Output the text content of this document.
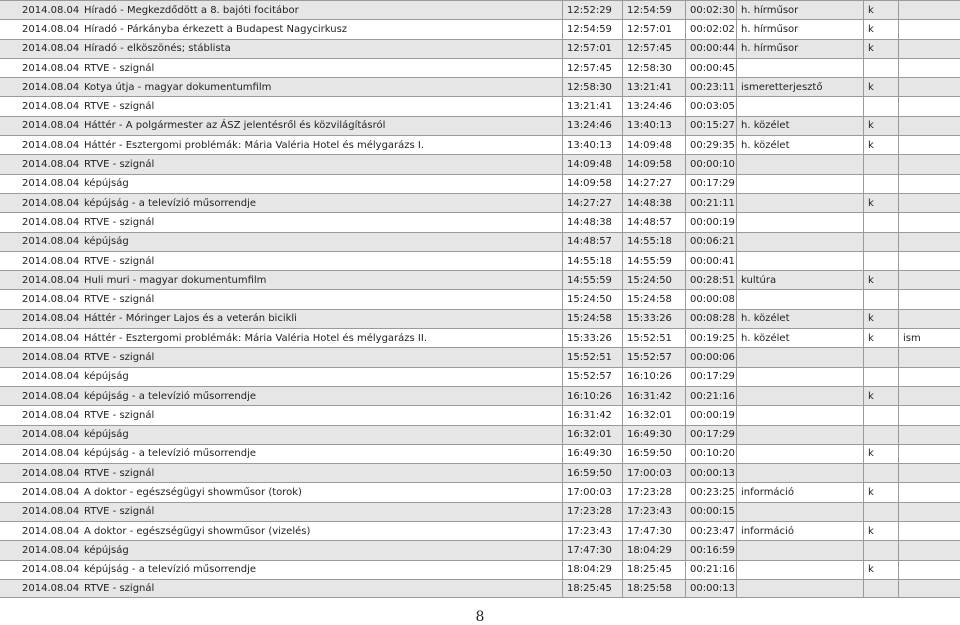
2014.08.04 Híradó - Megkezdődött a 8. bajóti focitábor	12:52:29	12:54:59	00:02:30 h. hírműsor	k
2014.08.04 Híradó - Párkányba érkezett a Budapest Nagycirkusz	12:54:59	12:57:01	00:02:02 h. hírműsor	k
2014.08.04 Híradó - elköszönés; stáblista	12:57:01	12:57:45	00:00:44 h. hírműsor	k
2014.08.04 RTVE - szignál	12:57:45	12:58:30	00:00:45
2014.08.04 Kotya útja - magyar dokumentumfilm	12:58:30	13:21:41	00:23:11 ismeretterjesztő	k
2014.08.04 RTVE - szignál	13:21:41	13:24:46	00:03:05
2014.08.04 Háttér - A polgármester az ÁSZ jelentésről és közvilágításról	13:24:46	13:40:13	00:15:27 h. közélet	k
2014.08.04 Háttér - Esztergomi problémák: Mária Valéria Hotel és mélygarázs I.	13:40:13	14:09:48	00:29:35 h. közélet	k
2014.08.04 RTVE - szignál	14:09:48	14:09:58	00:00:10
2014.08.04 képújság	14:09:58	14:27:27	00:17:29
2014.08.04 képújság - a televízió műsorrendje	14:27:27	14:48:38	00:21:11	k
2014.08.04 RTVE - szignál	14:48:38	14:48:57	00:00:19
2014.08.04 képújság	14:48:57	14:55:18	00:06:21
2014.08.04 RTVE - szignál	14:55:18	14:55:59	00:00:41
2014.08.04 Huli muri - magyar dokumentumfilm	14:55:59	15:24:50	00:28:51 kultúra	k
2014.08.04 RTVE - szignál	15:24:50	15:24:58	00:00:08
2014.08.04 Háttér - Móringer Lajos és a veterán bicikli	15:24:58	15:33:26	00:08:28 h. közélet	k
2014.08.04 Háttér - Esztergomi problémák: Mária Valéria Hotel és mélygarázs II.	15:33:26	15:52:51	00:19:25 h. közélet	k	ism
2014.08.04 RTVE - szignál	15:52:51	15:52:57	00:00:06
2014.08.04 képújság	15:52:57	16:10:26	00:17:29
2014.08.04 képújság - a televízió műsorrendje	16:10:26	16:31:42	00:21:16	k
2014.08.04 RTVE - szignál	16:31:42	16:32:01	00:00:19
2014.08.04 képújság	16:32:01	16:49:30	00:17:29
2014.08.04 képújság - a televízió műsorrendje	16:49:30	16:59:50	00:10:20	k
2014.08.04 RTVE - szignál	16:59:50	17:00:03	00:00:13
2014.08.04 A doktor - egészségügyi showműsor (torok)	17:00:03	17:23:28	00:23:25 információ	k
2014.08.04 RTVE - szignál	17:23:28	17:23:43	00:00:15
2014.08.04 A doktor - egészségügyi showműsor (vizelés)	17:23:43	17:47:30	00:23:47 információ	k
2014.08.04 képújság	17:47:30	18:04:29	00:16:59
2014.08.04 képújság - a televízió műsorrendje	18:04:29	18:25:45	00:21:16	k
2014.08.04 RTVE - szignál	18:25:45	18:25:58	00:00:13
8
